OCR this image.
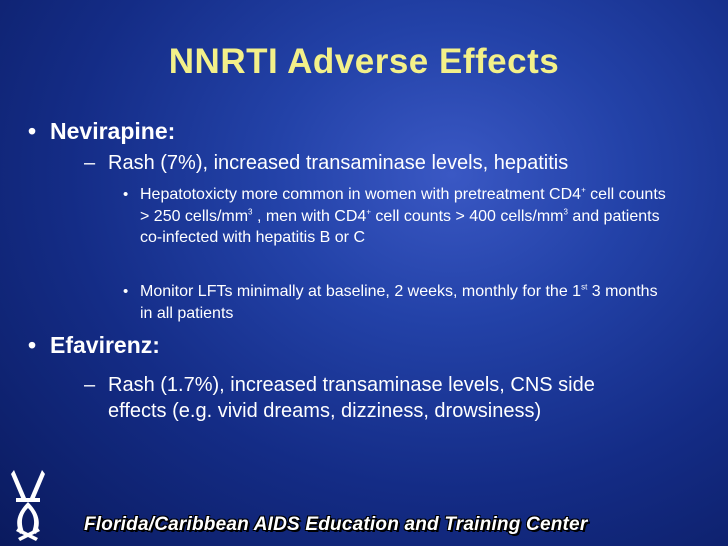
NNRTI Adverse Effects
• Nevirapine:
– Rash (7%), increased transaminase levels, hepatitis
• Hepatotoxicty more common in women with pretreatment CD4+ cell counts > 250 cells/$mm^3$ , men with CD4+ cell counts > 400 cells/$mm^3$ and patients co-infected with hepatitis B or C
• Monitor LFTs minimally at baseline, 2 weeks, monthly for the 1st 3 months in all patients
• Efavirenz:
– Rash (1.7%), increased transaminase levels, CNS side effects (e.g. vivid dreams, dizziness, drowsiness)
Florida/Caribbean AIDS Education and Training Center
